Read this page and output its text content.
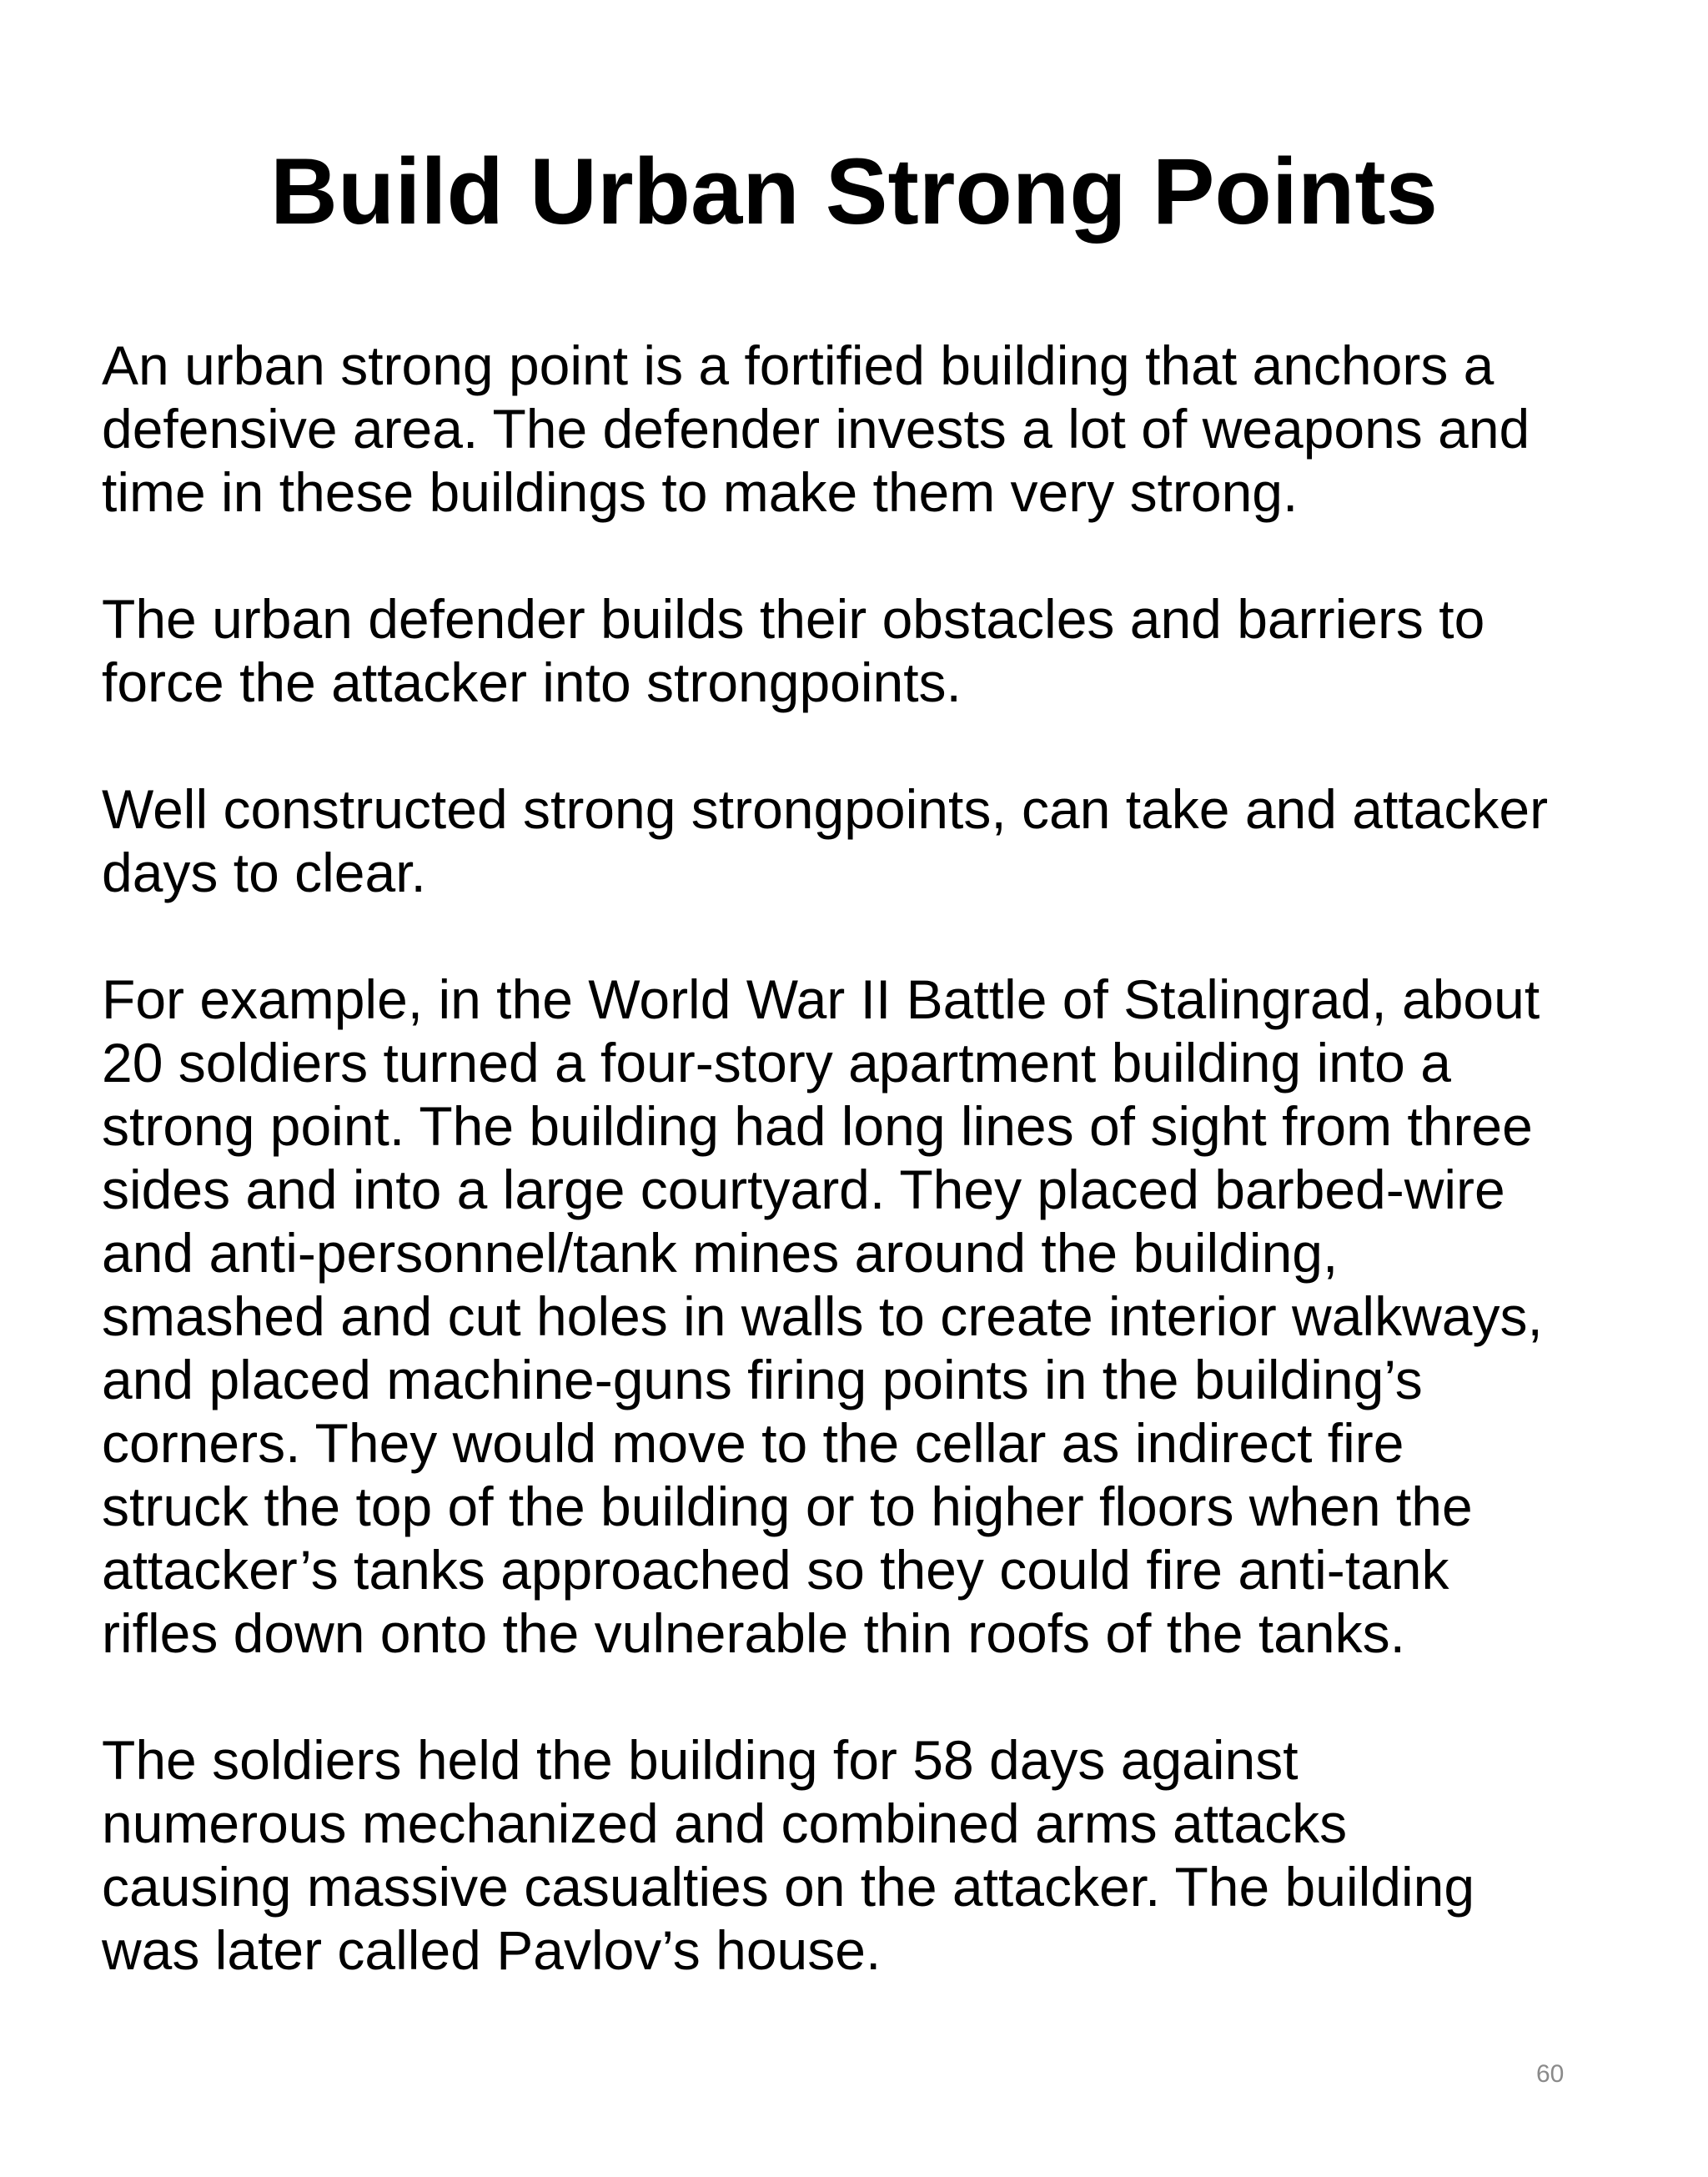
Build Urban Strong Points

An urban strong point is a fortified building that anchors a
defensive area. The defender invests a lot of weapons and
time in these buildings to make them very strong.

The urban defender builds their obstacles and barriers to
force the attacker into strongpoints.

Well constructed strong strongpoints, can take and attacker
days to clear.

For example, in the World War II Battle of Stalingrad, about
20 soldiers turned a four-story apartment building into a
strong point. The building had long lines of sight from three
sides and into a large courtyard. They placed barbed-wire
and anti-personnel/tank mines around the building,
smashed and cut holes in walls to create interior walkways,
and placed machine-guns firing points in the building’s
corners. They would move to the cellar as indirect fire
struck the top of the building or to higher floors when the
attacker’s tanks approached so they could fire anti-tank
rifles down onto the vulnerable thin roofs of the tanks.

The soldiers held the building for 58 days against
numerous mechanized and combined arms attacks
causing massive casualties on the attacker. The building
was later called Pavlov’s house.

60
